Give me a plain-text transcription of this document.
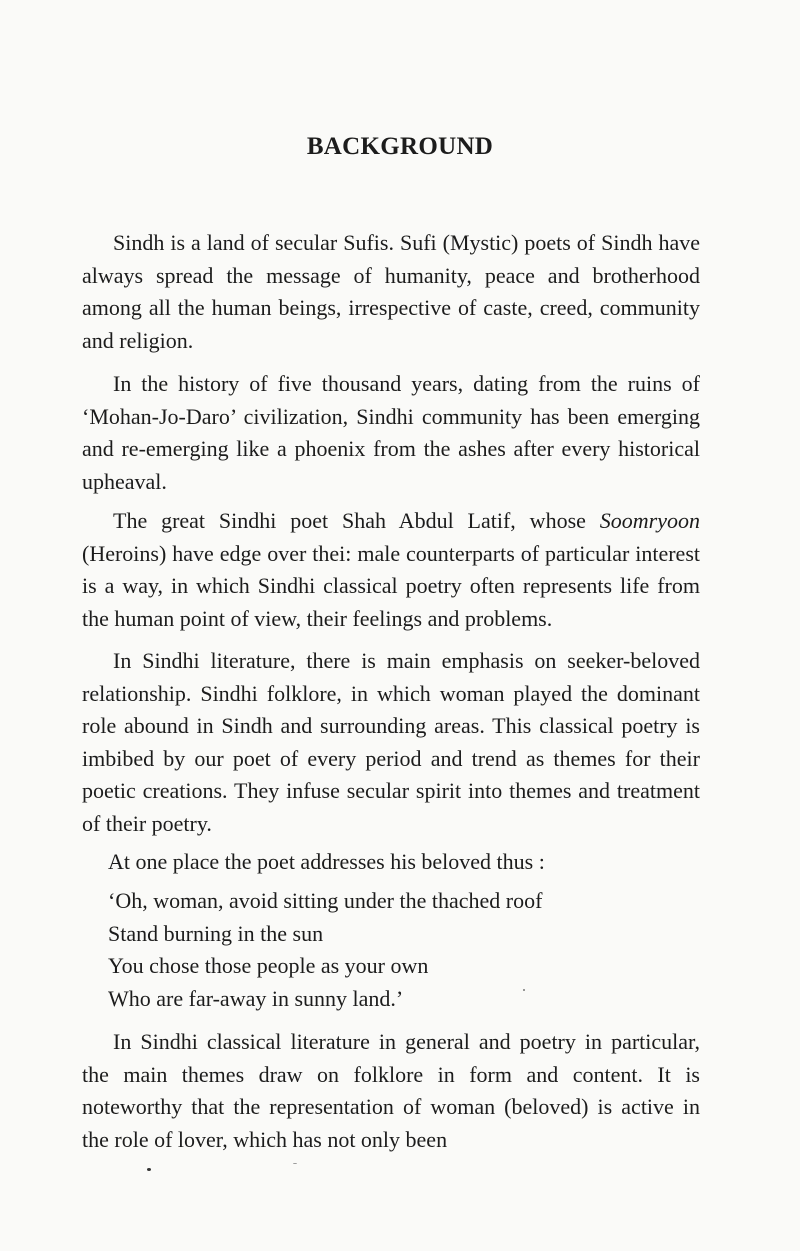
BACKGROUND

Sindh is a land of secular Sufis. Sufi (Mystic) poets of Sindh have always spread the message of humanity, peace and brotherhood among all the human beings, irrespective of caste, creed, community and religion.

In the history of five thousand years, dating from the ruins of ‘Mohan-Jo-Daro’ civilization, Sindhi community has been emerging and re-emerging like a phoenix from the ashes after every historical upheaval.

The great Sindhi poet Shah Abdul Latif, whose Soomryoon (Heroins) have edge over thei: male counterparts of particular interest is a way, in which Sindhi classical poetry often represents life from the human point of view, their feelings and problems.

In Sindhi literature, there is main emphasis on seeker-beloved relationship. Sindhi folklore, in which woman played the dominant role abound in Sindh and surrounding areas. This classical poetry is imbibed by our poet of every period and trend as themes for their poetic creations. They infuse secular spirit into themes and treatment of their poetry.

At one place the poet addresses his beloved thus :

‘Oh, woman, avoid sitting under the thached roof
Stand burning in the sun
You chose those people as your own
Who are far-away in sunny land.’

In Sindhi classical literature in general and poetry in particular, the main themes draw on folklore in form and content. It is noteworthy that the representation of woman (beloved) is active in the role of lover, which has not only been
